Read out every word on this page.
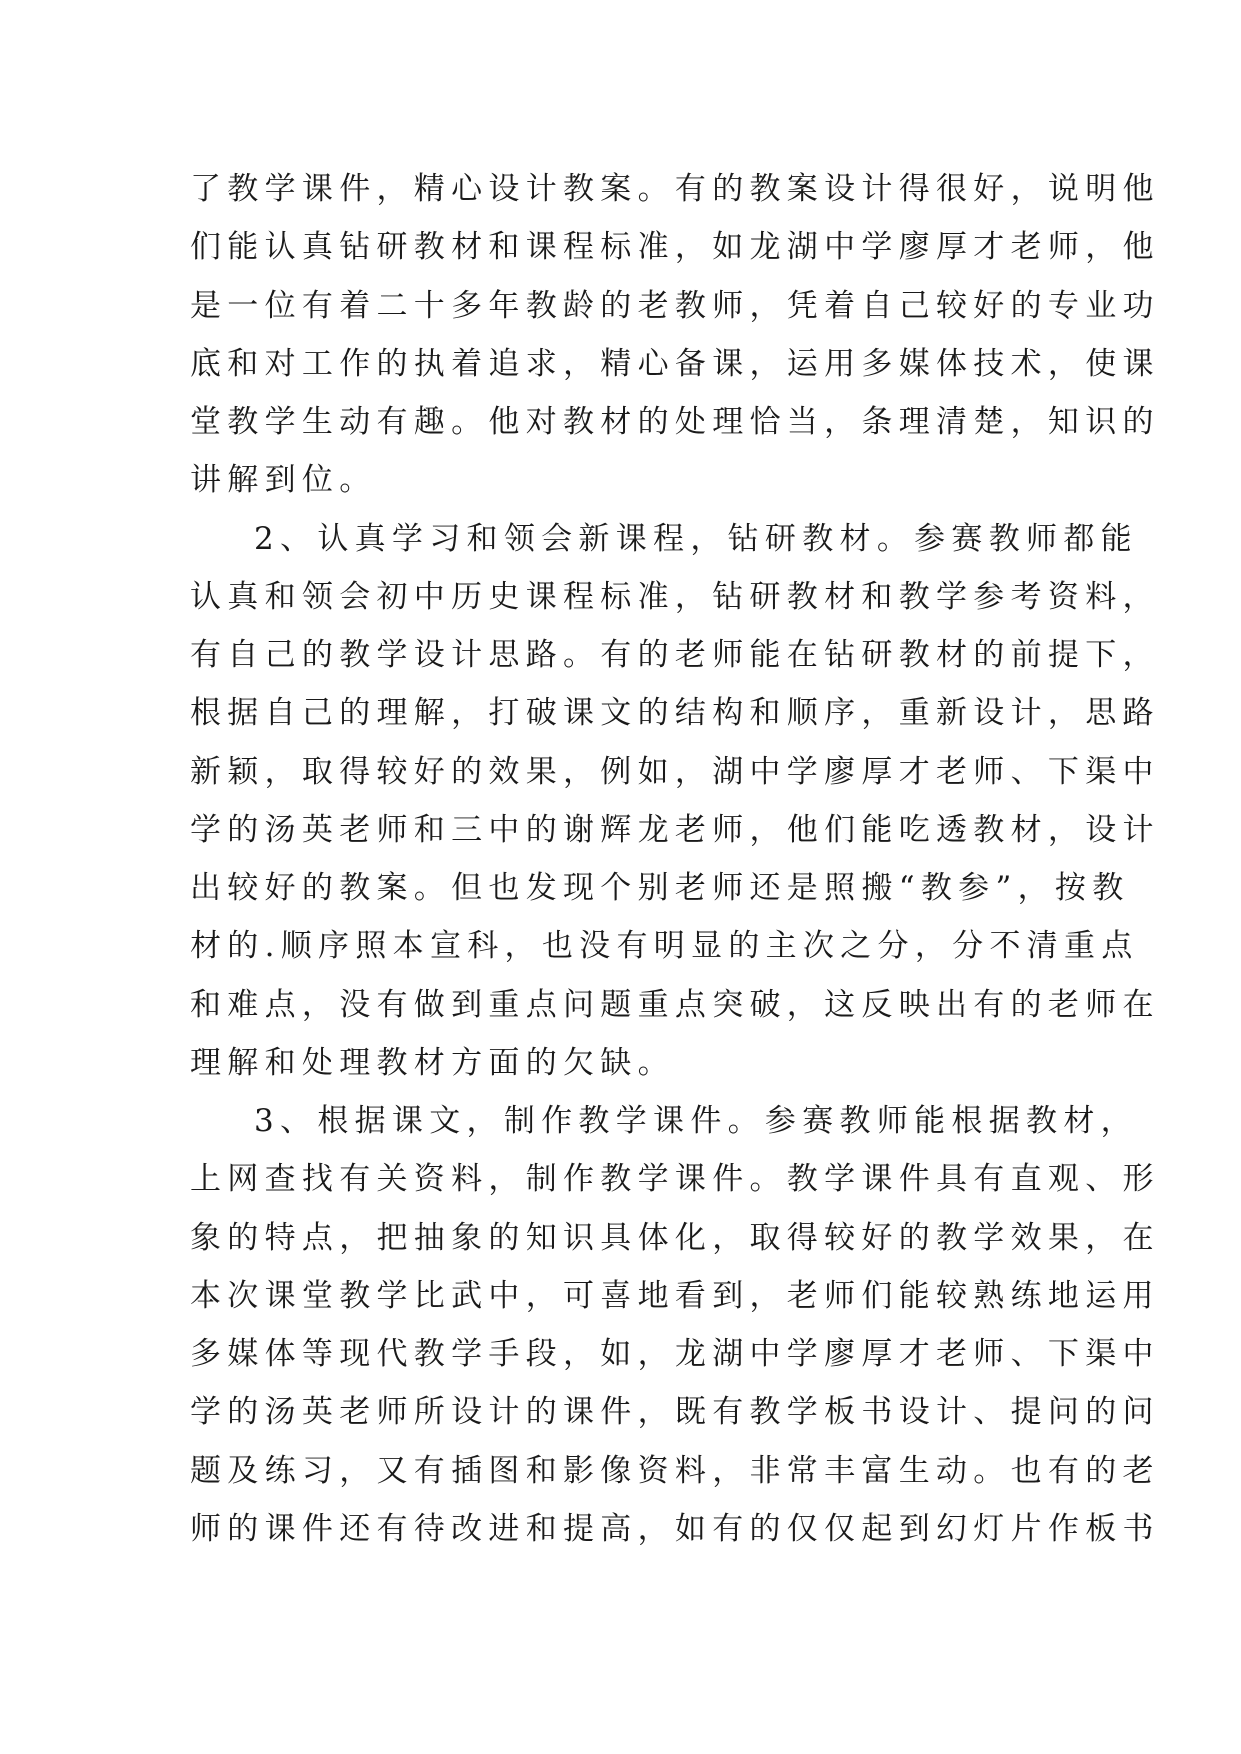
了教学课件，精心设计教案。有的教案设计得很好，说明他
们能认真钻研教材和课程标准，如龙湖中学廖厚才老师，他
是一位有着二十多年教龄的老教师，凭着自己较好的专业功
底和对工作的执着追求，精心备课，运用多媒体技术，使课
堂教学生动有趣。他对教材的处理恰当，条理清楚，知识的
讲解到位。
2、认真学习和领会新课程，钻研教材。参赛教师都能
认真和领会初中历史课程标准，钻研教材和教学参考资料，
有自己的教学设计思路。有的老师能在钻研教材的前提下，
根据自己的理解，打破课文的结构和顺序，重新设计，思路
新颖，取得较好的效果，例如，湖中学廖厚才老师、下渠中
学的汤英老师和三中的谢辉龙老师，他们能吃透教材，设计
出较好的教案。但也发现个别老师还是照搬“教参”，按教
材的.顺序照本宣科，也没有明显的主次之分，分不清重点
和难点，没有做到重点问题重点突破，这反映出有的老师在
理解和处理教材方面的欠缺。
3、根据课文，制作教学课件。参赛教师能根据教材，
上网查找有关资料，制作教学课件。教学课件具有直观、形
象的特点，把抽象的知识具体化，取得较好的教学效果，在
本次课堂教学比武中，可喜地看到，老师们能较熟练地运用
多媒体等现代教学手段，如，龙湖中学廖厚才老师、下渠中
学的汤英老师所设计的课件，既有教学板书设计、提问的问
题及练习，又有插图和影像资料，非常丰富生动。也有的老
师的课件还有待改进和提高，如有的仅仅起到幻灯片作板书
